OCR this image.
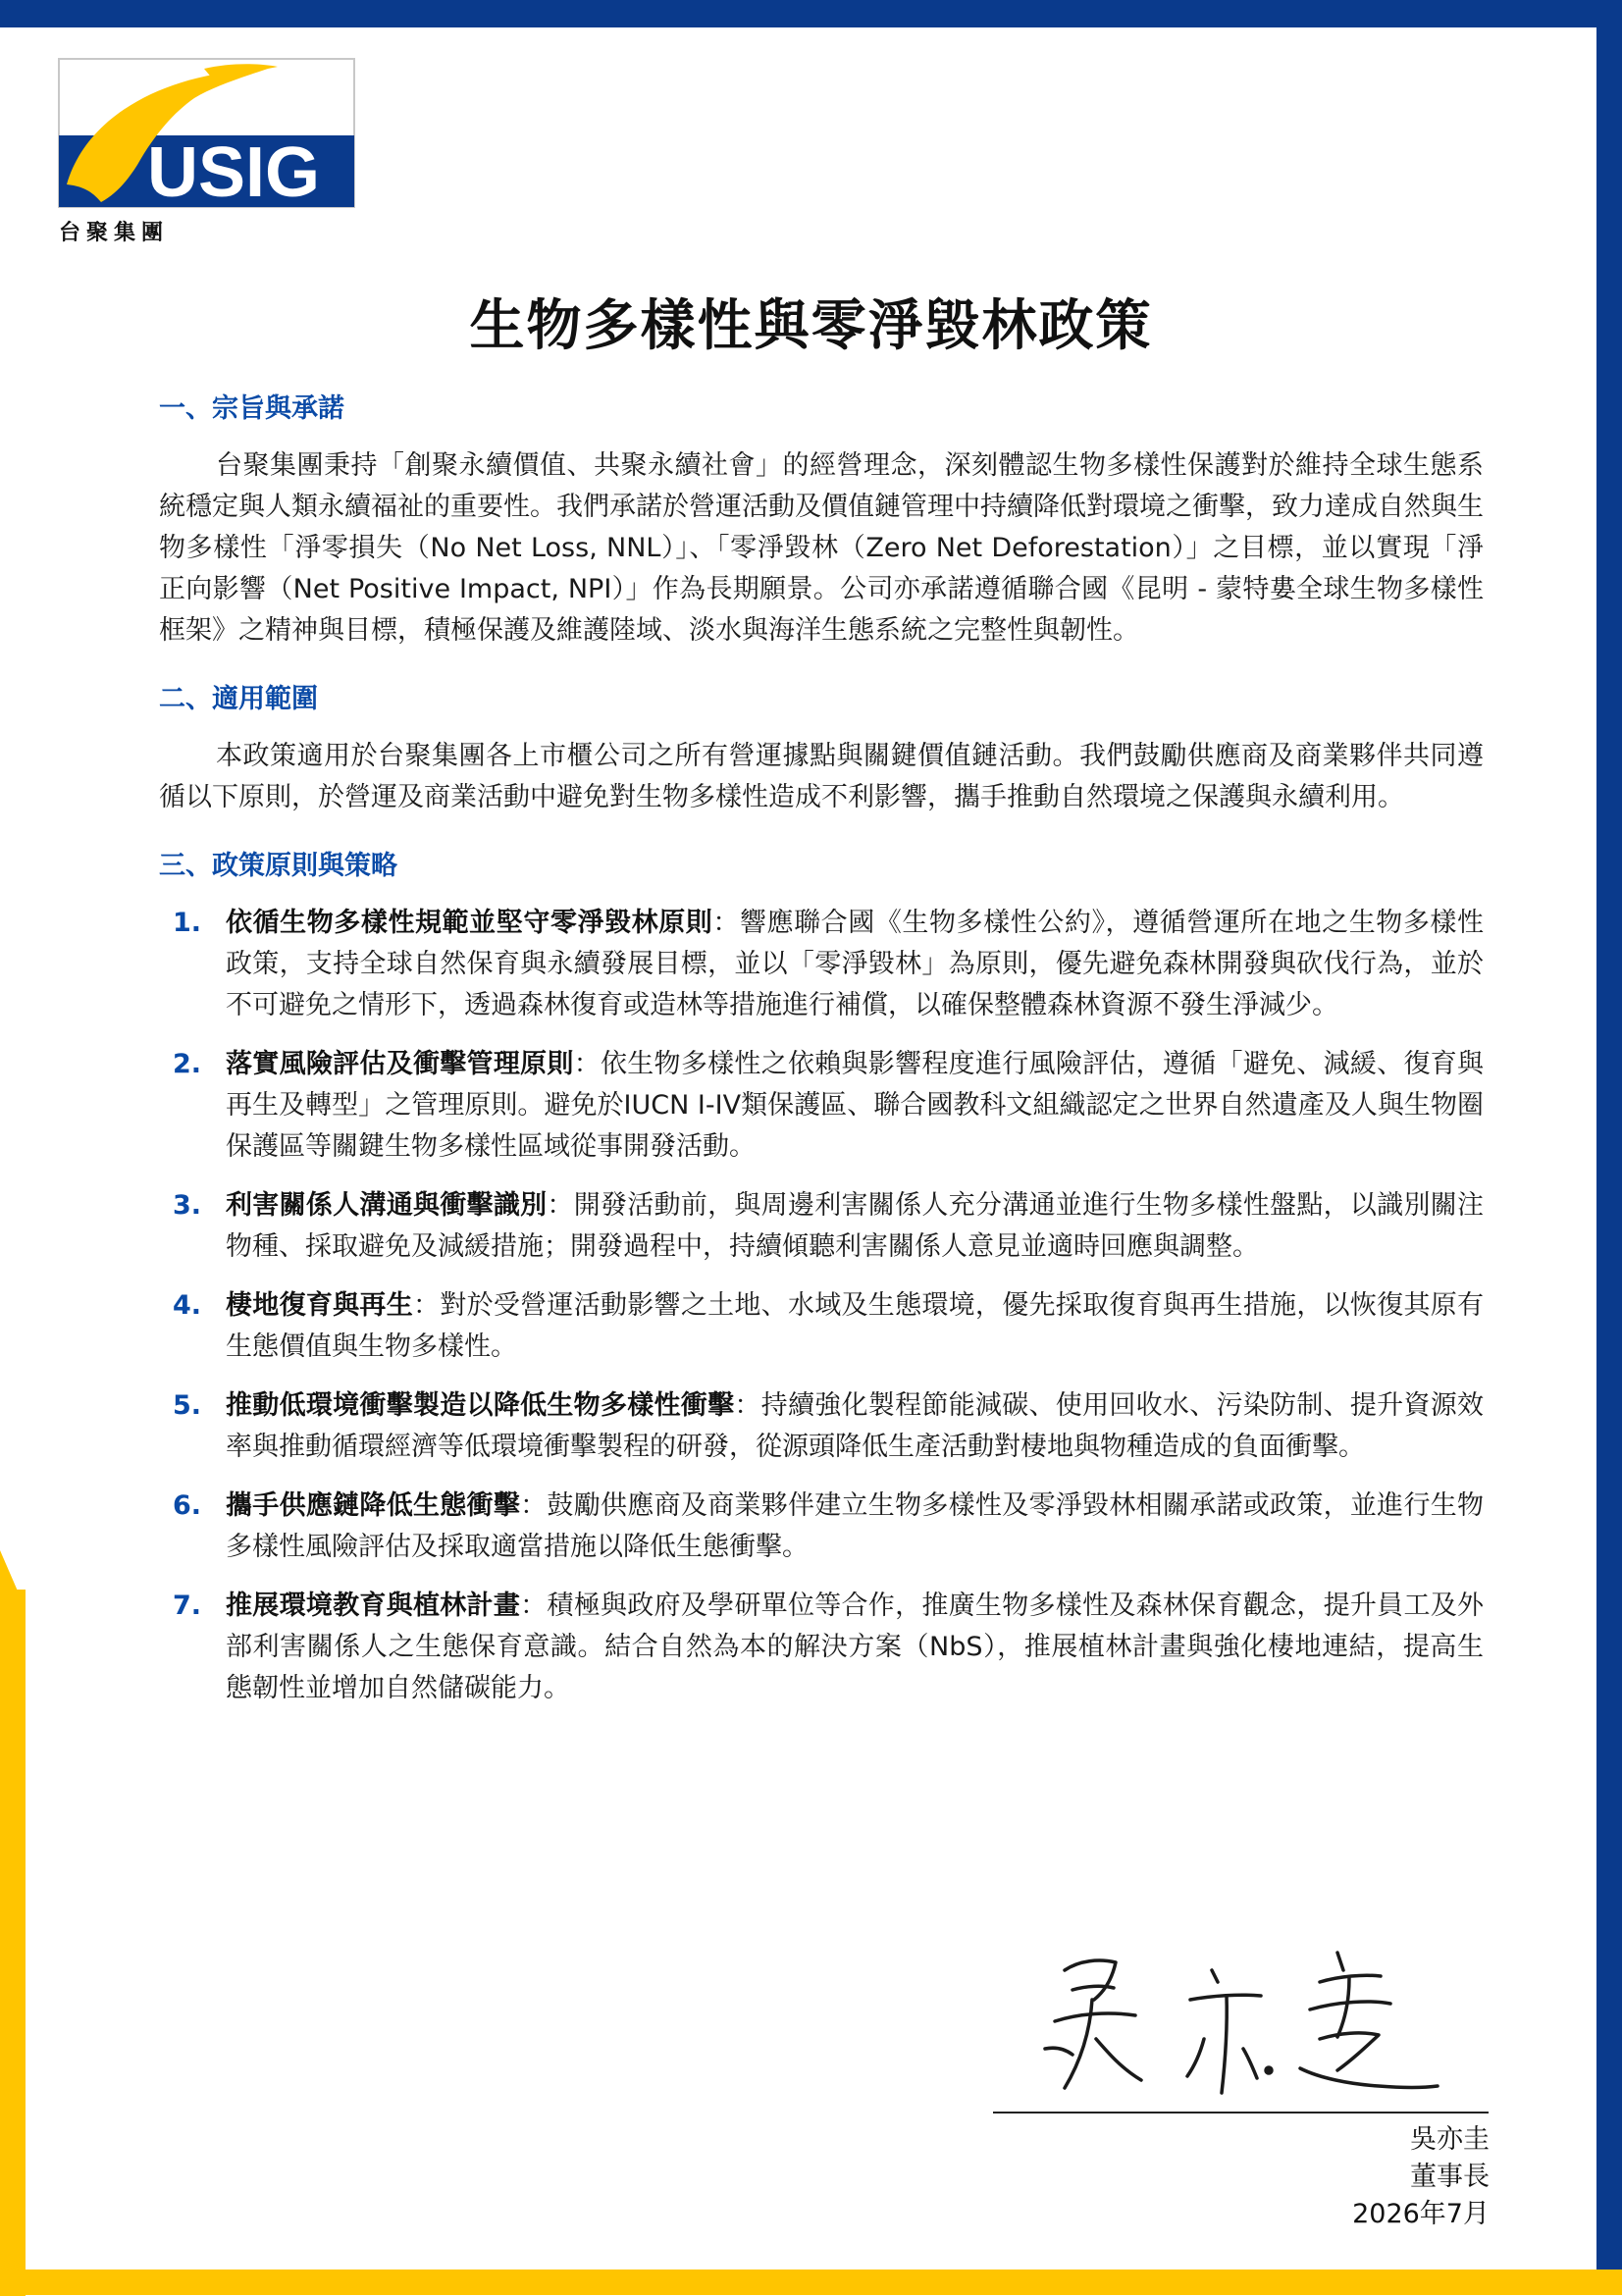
USIG
台聚集團
生物多樣性與零淨毀林政策
一、宗旨與承諾

台聚集團秉持「創聚永續價值、共聚永續社會」的經營理念，深刻體認生物多樣性保護對於維持全球生態系統穩定與人類永續福祉的重要性。我們承諾於營運活動及價值鏈管理中持續降低對環境之衝擊，致力達成自然與生物多樣性「淨零損失（No Net Loss, NNL）」、「零淨毀林（Zero Net Deforestation）」之目標，並以實現「淨正向影響（Net Positive Impact, NPI）」作為長期願景。公司亦承諾遵循聯合國《昆明 - 蒙特婁全球生物多樣性框架》之精神與目標，積極保護及維護陸域、淡水與海洋生態系統之完整性與韌性。

二、適用範圍

本政策適用於台聚集團各上市櫃公司之所有營運據點與關鍵價值鏈活動。我們鼓勵供應商及商業夥伴共同遵循以下原則，於營運及商業活動中避免對生物多樣性造成不利影響，攜手推動自然環境之保護與永續利用。

三、政策原則與策略
1. 依循生物多樣性規範並堅守零淨毀林原則：響應聯合國《生物多樣性公約》，遵循營運所在地之生物多樣性政策，支持全球自然保育與永續發展目標，並以「零淨毀林」為原則，優先避免森林開發與砍伐行為，並於不可避免之情形下，透過森林復育或造林等措施進行補償，以確保整體森林資源不發生淨減少。
2. 落實風險評估及衝擊管理原則：依生物多樣性之依賴與影響程度進行風險評估，遵循「避免、減緩、復育與再生及轉型」之管理原則。避免於IUCN I-IV類保護區、聯合國教科文組織認定之世界自然遺產及人與生物圈保護區等關鍵生物多樣性區域從事開發活動。
3. 利害關係人溝通與衝擊識別：開發活動前，與周邊利害關係人充分溝通並進行生物多樣性盤點，以識別關注物種、採取避免及減緩措施；開發過程中，持續傾聽利害關係人意見並適時回應與調整。
4. 棲地復育與再生：對於受營運活動影響之土地、水域及生態環境，優先採取復育與再生措施，以恢復其原有生態價值與生物多樣性。
5. 推動低環境衝擊製造以降低生物多樣性衝擊：持續強化製程節能減碳、使用回收水、污染防制、提升資源效率與推動循環經濟等低環境衝擊製程的研發，從源頭降低生產活動對棲地與物種造成的負面衝擊。
6. 攜手供應鏈降低生態衝擊：鼓勵供應商及商業夥伴建立生物多樣性及零淨毀林相關承諾或政策，並進行生物多樣性風險評估及採取適當措施以降低生態衝擊。
7. 推展環境教育與植林計畫：積極與政府及學研單位等合作，推廣生物多樣性及森林保育觀念，提升員工及外部利害關係人之生態保育意識。結合自然為本的解決方案（NbS），推展植林計畫與強化棲地連結，提高生態韌性並增加自然儲碳能力。
吳亦圭
董事長
2026年7月
